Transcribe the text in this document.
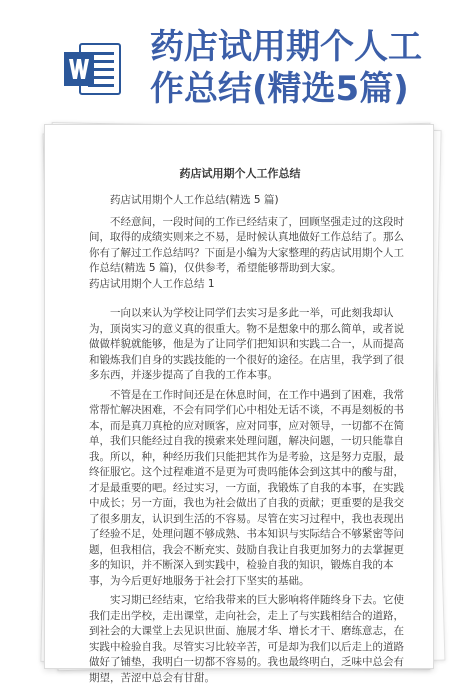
药店试用期个人工
作总结(精选5篇)
药店试用期个人工作总结

药店试用期个人工作总结(精选 5 篇)

不经意间，一段时间的工作已经结束了，回顾坚强走过的这段时间，取得的成绩实则来之不易，是时候认真地做好工作总结了。那么你有了解过工作总结吗？下面是小编为大家整理的药店试用期个人工作总结(精选 5 篇)，仅供参考，希望能够帮助到大家。

药店试用期个人工作总结 1

一向以来认为学校让同学们去实习是多此一举，可此刻我却认为，顶岗实习的意义真的很重大。物不是想象中的那么简单，或者说做做样貌就能够，他是为了让同学们把知识和实践二合一，从而提高和锻炼我们自身的实践技能的一个很好的途径。在店里，我学到了很多东西，并逐步提高了自我的工作本事。

不管是在工作时间还是在休息时间，在工作中遇到了困难，我常常帮忙解决困难，不会有同学们心中相处无话不谈，不再是刻板的书本，而是真刀真枪的应对顾客，应对同事，应对领导，一切都不在简单，我们只能经过自我的摸索来处理问题，解决问题，一切只能靠自我。所以，种，种经历我们只能把其作为是考验，这是努力克服，最终征服它。这个过程难道不是更为可贵吗能体会到这其中的酸与甜，才是最重要的吧。经过实习，一方面，我锻炼了自我的本事，在实践中成长；另一方面，我也为社会做出了自我的贡献；更重要的是我交了很多朋友，认识到生活的不容易。尽管在实习过程中，我也表现出了经验不足，处理问题不够成熟、书本知识与实际结合不够紧密等问题，但我相信，我会不断充实、鼓励自我让自我更加努力的去掌握更多的知识，并不断深入到实践中，检验自我的知识，锻炼自我的本事，为今后更好地服务于社会打下坚实的基础。

实习期已经结束，它给我带来的巨大影响将伴随终身下去。它使我们走出学校，走出课堂，走向社会，走上了与实践相结合的道路，到社会的大课堂上去见识世面、施展才华、增长才干、磨练意志，在实践中检验自我。尽管实习比较辛苦，可是却为我们以后走上的道路做好了铺垫，我明白一切都不容易的。我也最终明白，乏味中总会有期望，苦涩中总会有甘甜。
